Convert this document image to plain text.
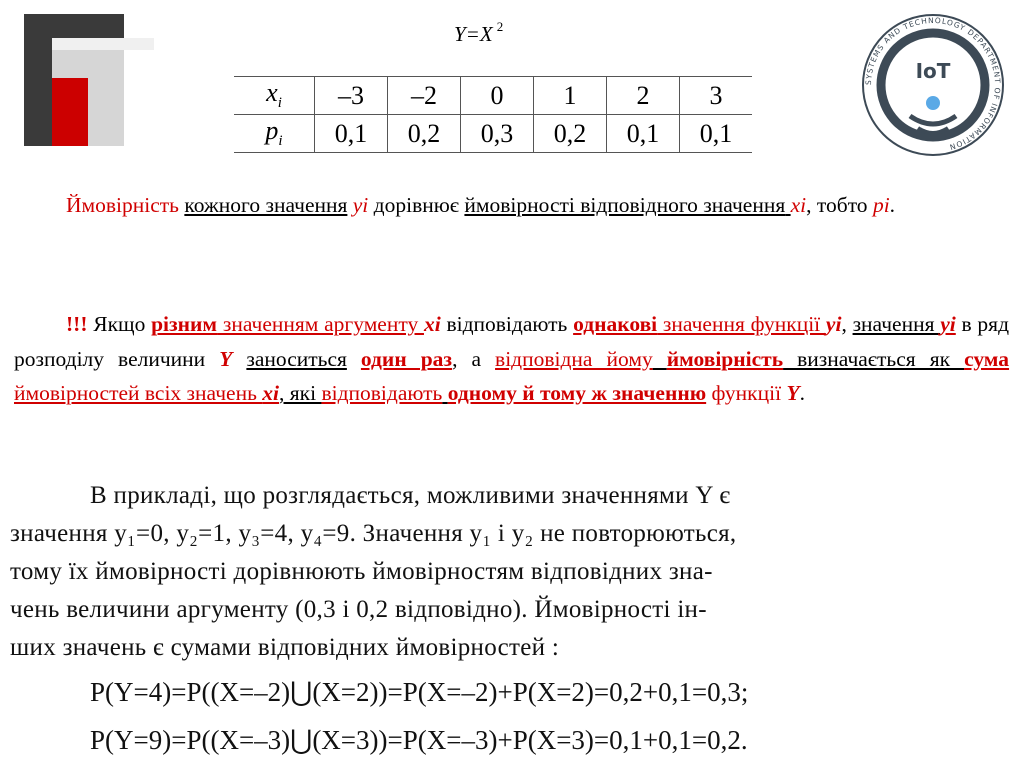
SYSTEMS AND TECHNOLOGY DEPARTMENT OF INFORMATION
IoT
Y=X $^2$
$x_i$	–3	–2	0	1	2	3
$p_i$	0,1	0,2	0,3	0,2	0,1	0,1
Ймовірність кожного значення yi дорівнює ймовірності відповідного значення xi, тобто pi.
!!! Якщо різним значенням аргументу xi відповідають однакові значення функції yi, значення yi в ряд розподілу величини Y заноситься один раз, а відповідна йому ймовірність визначається як сума ймовірностей всіх значень xi, які відповідають одному й тому ж значенню функції Y.
В прикладі, що розглядається, можливими значеннями Y є
значення y₁=0, y₂=1, y₃=4, y₄=9. Значення y₁ і y₂ не повторюються,
тому їх ймовірності дорівнюють ймовірностям відповідних зна-
чень величини аргументу (0,3 і 0,2 відповідно). Ймовірності ін-
ших значень є сумами відповідних ймовірностей :
P(Y=4)=P((X=–2)⋃(X=2))=P(X=–2)+P(X=2)=0,2+0,1=0,3;
P(Y=9)=P((X=–3)⋃(X=3))=P(X=–3)+P(X=3)=0,1+0,1=0,2.
